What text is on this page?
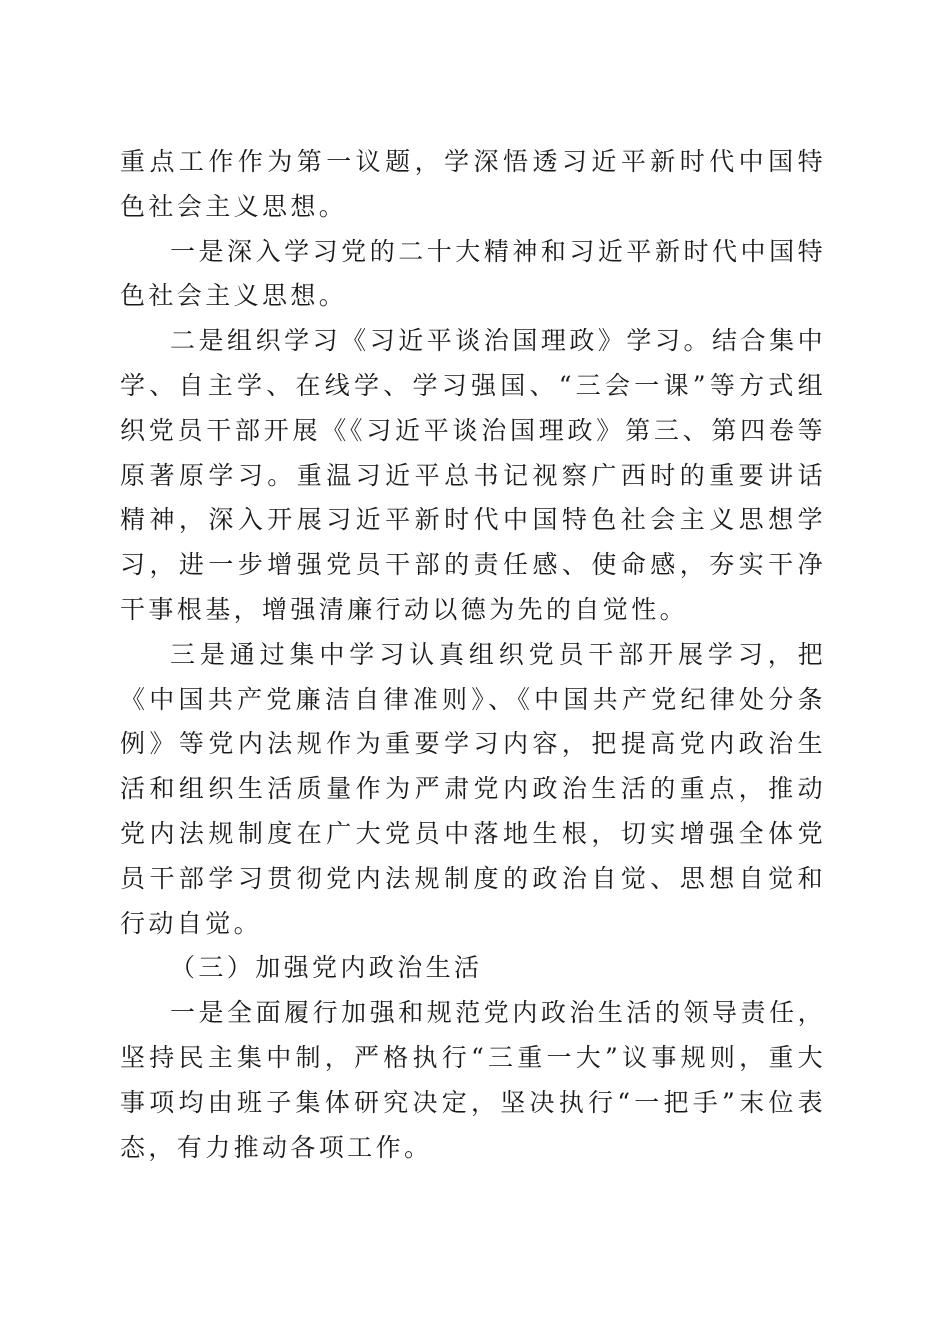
重点工作作为第一议题，学深悟透习近平新时代中国特色社会主义思想。

一是深入学习党的二十大精神和习近平新时代中国特色社会主义思想。

二是组织学习《习近平谈治国理政》学习。结合集中学、自主学、在线学、学习强国、“三会一课”等方式组织党员干部开展《《习近平谈治国理政》第三、第四卷等原著原学习。重温习近平总书记视察广西时的重要讲话精神，深入开展习近平新时代中国特色社会主义思想学习，进一步增强党员干部的责任感、使命感，夯实干净干事根基，增强清廉行动以德为先的自觉性。

三是通过集中学习认真组织党员干部开展学习，把《中国共产党廉洁自律准则》、《中国共产党纪律处分条例》等党内法规作为重要学习内容，把提高党内政治生活和组织生活质量作为严肃党内政治生活的重点，推动党内法规制度在广大党员中落地生根，切实增强全体党员干部学习贯彻党内法规制度的政治自觉、思想自觉和行动自觉。

（三）加强党内政治生活

一是全面履行加强和规范党内政治生活的领导责任，坚持民主集中制，严格执行“三重一大”议事规则，重大事项均由班子集体研究决定，坚决执行“一把手”末位表态，有力推动各项工作。
